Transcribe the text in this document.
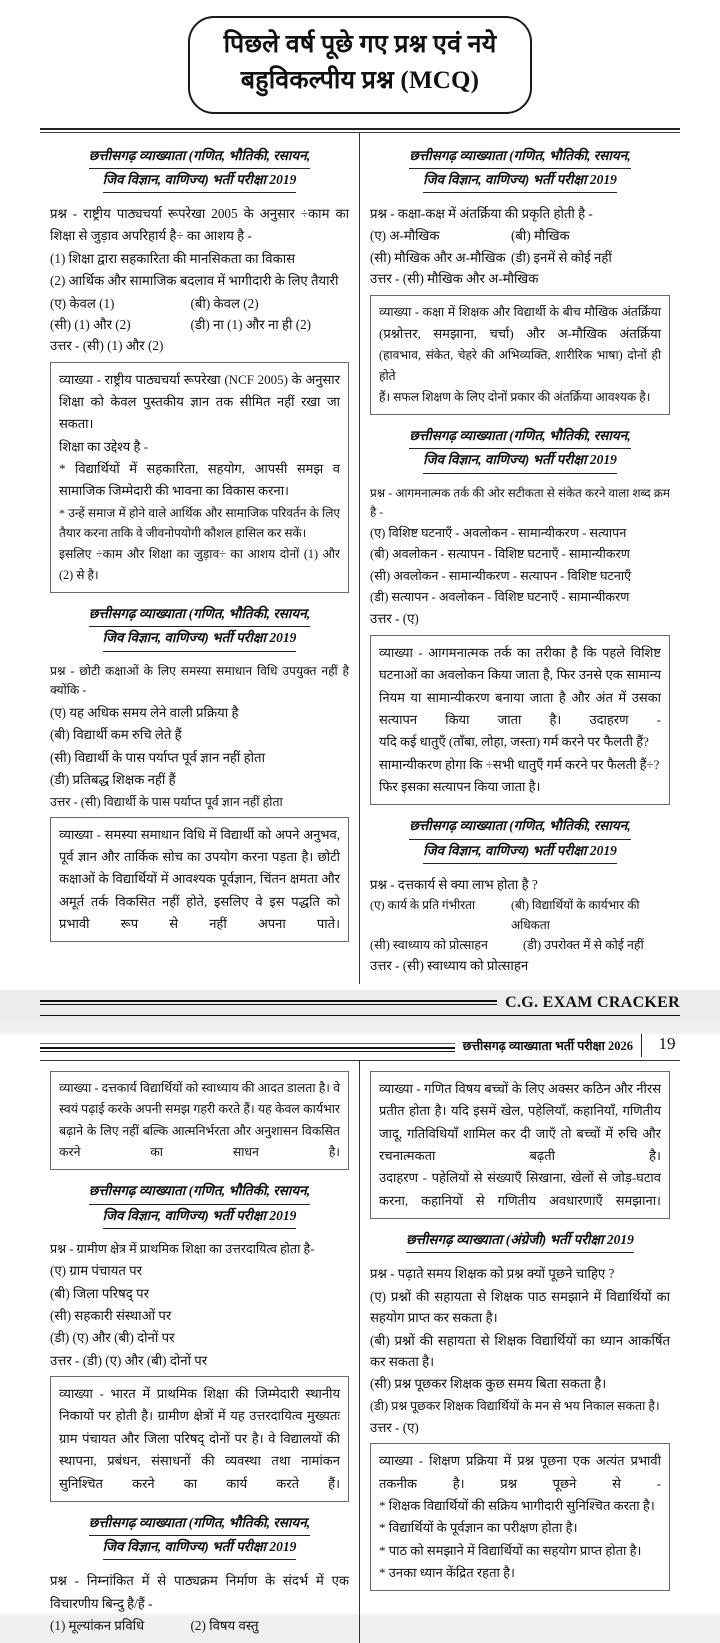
पिछले वर्ष पूछे गए प्रश्न एवं नये
बहुविकल्पीय प्रश्न (MCQ)
छत्तीसगढ़ व्याख्याता (गणित, भौतिकी, रसायन,
जिव विज्ञान, वाणिज्य) भर्ती परीक्षा 2019
प्रश्न - राष्ट्रीय पाठ्यचर्या रूपरेखा 2005 के अनुसार ÷काम का
शिक्षा से जुड़ाव अपरिहार्य है÷ का आशय है -
(1) शिक्षा द्वारा सहकारिता की मानसिकता का विकास
(2) आर्थिक और सामाजिक बदलाव में भागीदारी के लिए तैयारी
(ए) केवल (1)	(बी) केवल (2)
(सी) (1) और (2)	(डी) ना (1) और ना ही (2)
उत्तर - (सी) (1) और (2)

व्याख्या - राष्ट्रीय पाठ्यचर्या रूपरेखा (NCF 2005) के अनुसार

शिक्षा को केवल पुस्तकीय ज्ञान तक सीमित नहीं रखा जा सकता।

शिक्षा का उद्देश्य है -

* विद्यार्थियों में सहकारिता, सहयोग, आपसी समझ व सामाजिक जिम्मेदारी की भावना का विकास करना।

* उन्हें समाज में होने वाले आर्थिक और सामाजिक परिवर्तन के लिए तैयार करना ताकि वे जीवनोपयोगी कौशल हासिल कर सकें।

इसलिए ÷काम और शिक्षा का जुड़ाव÷ का आशय दोनों (1) और (2) से है।

छत्तीसगढ़ व्याख्याता (गणित, भौतिकी, रसायन,
जिव विज्ञान, वाणिज्य) भर्ती परीक्षा 2019
प्रश्न - छोटी कक्षाओं के लिए समस्या समाधान विधि उपयुक्त नहीं है क्योंकि -
(ए) यह अधिक समय लेने वाली प्रक्रिया है
(बी) विद्यार्थी कम रुचि लेते हैं
(सी) विद्यार्थी के पास पर्याप्त पूर्व ज्ञान नहीं होता
(डी) प्रतिबद्ध शिक्षक नहीं हैं
उत्तर - (सी) विद्यार्थी के पास पर्याप्त पूर्व ज्ञान नहीं होता

व्याख्या - समस्या समाधान विधि में विद्यार्थी को अपने अनुभव, पूर्व ज्ञान और तार्किक सोच का उपयोग करना पड़ता है। छोटी कक्षाओं के विद्यार्थियों में आवश्यक पूर्वज्ञान, चिंतन क्षमता और अमूर्त तर्क विकसित नहीं होते, इसलिए वे इस पद्धति को प्रभावी रूप से नहीं अपना पाते।

छत्तीसगढ़ व्याख्याता (गणित, भौतिकी, रसायन,
जिव विज्ञान, वाणिज्य) भर्ती परीक्षा 2019
प्रश्न - कक्षा-कक्ष में अंतर्क्रिया की प्रकृति होती है -
(ए) अ-मौखिक	(बी) मौखिक
(सी) मौखिक और अ-मौखिक (डी) इनमें से कोई नहीं
उत्तर - (सी) मौखिक और अ-मौखिक

व्याख्या - कक्षा में शिक्षक और विद्यार्थी के बीच मौखिक अंतर्क्रिया

(प्रश्नोत्तर, समझाना, चर्चा) और अ-मौखिक अंतर्क्रिया

(हावभाव, संकेत, चेहरे की अभिव्यक्ति, शारीरिक भाषा) दोनों ही होते

हैं। सफल शिक्षण के लिए दोनों प्रकार की अंतर्क्रिया आवश्यक है।

छत्तीसगढ़ व्याख्याता (गणित, भौतिकी, रसायन,
जिव विज्ञान, वाणिज्य) भर्ती परीक्षा 2019
प्रश्न - आगमनात्मक तर्क की ओर सटीकता से संकेत करने वाला शब्द क्रम है -
(ए) विशिष्ट घटनाएँ - अवलोकन - सामान्यीकरण - सत्यापन
(बी) अवलोकन - सत्यापन - विशिष्ट घटनाएँ - सामान्यीकरण
(सी) अवलोकन - सामान्यीकरण - सत्यापन - विशिष्ट घटनाएँ
(डी) सत्यापन - अवलोकन - विशिष्ट घटनाएँ - सामान्यीकरण
उत्तर - (ए)

व्याख्या - आगमनात्मक तर्क का तरीका है कि पहले विशिष्ट घटनाओं का अवलोकन किया जाता है, फिर उनसे एक सामान्य नियम या सामान्यीकरण बनाया जाता है और अंत में उसका सत्यापन किया जाता है। उदाहरण -

यदि कई धातुएँ (ताँबा, लोहा, जस्ता) गर्म करने पर फैलती हैं?

सामान्यीकरण होगा कि ÷सभी धातुएँ गर्म करने पर फैलती हैं÷?

फिर इसका सत्यापन किया जाता है।

छत्तीसगढ़ व्याख्याता (गणित, भौतिकी, रसायन,
जिव विज्ञान, वाणिज्य) भर्ती परीक्षा 2019
प्रश्न - दत्तकार्य से क्या लाभ होता है ?
(ए) कार्य के प्रति गंभीरता	(बी) विद्यार्थियों के कार्यभार की अधिकता
(सी) स्वाध्याय को प्रोत्साहन	(डी) उपरोक्त में से कोई नहीं
उत्तर - (सी) स्वाध्याय को प्रोत्साहन
C.G. EXAM CRACKER
छत्तीसगढ़ व्याख्याता भर्ती परीक्षा 2026	19

व्याख्या - दत्तकार्य विद्यार्थियों को स्वाध्याय की आदत डालता है। वे स्वयं पढ़ाई करके अपनी समझ गहरी करते हैं। यह केवल कार्यभार बढ़ाने के लिए नहीं बल्कि आत्मनिर्भरता और अनुशासन विकसित करने का साधन है।

छत्तीसगढ़ व्याख्याता (गणित, भौतिकी, रसायन,
जिव विज्ञान, वाणिज्य) भर्ती परीक्षा 2019
प्रश्न - ग्रामीण क्षेत्र में प्राथमिक शिक्षा का उत्तरदायित्व होता है-
(ए) ग्राम पंचायत पर
(बी) जिला परिषद् पर
(सी) सहकारी संस्थाओं पर
(डी) (ए) और (बी) दोनों पर
उत्तर - (डी) (ए) और (बी) दोनों पर

व्याख्या - भारत में प्राथमिक शिक्षा की जिम्मेदारी स्थानीय निकायों पर होती है। ग्रामीण क्षेत्रों में यह उत्तरदायित्व मुख्यतः ग्राम पंचायत और जिला परिषद् दोनों पर है। वे विद्यालयों की स्थापना, प्रबंधन, संसाधनों की व्यवस्था तथा नामांकन सुनिश्चित करने का कार्य करते हैं।

छत्तीसगढ़ व्याख्याता (गणित, भौतिकी, रसायन,
जिव विज्ञान, वाणिज्य) भर्ती परीक्षा 2019
प्रश्न - निम्नांकित में से पाठ्यक्रम निर्माण के संदर्भ में एक
विचारणीय बिन्दु है/हैं -
(1) मूल्यांकन प्रविधि	(2) विषय वस्तु

व्याख्या - गणित विषय बच्चों के लिए अक्सर कठिन और नीरस प्रतीत होता है। यदि इसमें खेल, पहेलियाँ, कहानियाँ, गणितीय जादू, गतिविधियाँ शामिल कर दी जाएँ तो बच्चों में रुचि और रचनात्मकता बढ़ती है।

उदाहरण - पहेलियों से संख्याएँ सिखाना, खेलों से जोड़-घटाव करना, कहानियों से गणितीय अवधारणाएँ समझाना।

छत्तीसगढ़ व्याख्याता (अंग्रेजी) भर्ती परीक्षा 2019
प्रश्न - पढ़ाते समय शिक्षक को प्रश्न क्यों पूछने चाहिए ?
(ए) प्रश्नों की सहायता से शिक्षक पाठ समझाने में विद्यार्थियों का सहयोग प्राप्त कर सकता है।
(बी) प्रश्नों की सहायता से शिक्षक विद्यार्थियों का ध्यान आकर्षित कर सकता है।
(सी) प्रश्न पूछकर शिक्षक कुछ समय बिता सकता है।
(डी) प्रश्न पूछकर शिक्षक विद्यार्थियों के मन से भय निकाल सकता है।
उत्तर - (ए)

व्याख्या - शिक्षण प्रक्रिया में प्रश्न पूछना एक अत्यंत प्रभावी तकनीक है। प्रश्न पूछने से -

* शिक्षक विद्यार्थियों की सक्रिय भागीदारी सुनिश्चित करता है।

* विद्यार्थियों के पूर्वज्ञान का परीक्षण होता है।

* पाठ को समझाने में विद्यार्थियों का सहयोग प्राप्त होता है।

* उनका ध्यान केंद्रित रहता है।
